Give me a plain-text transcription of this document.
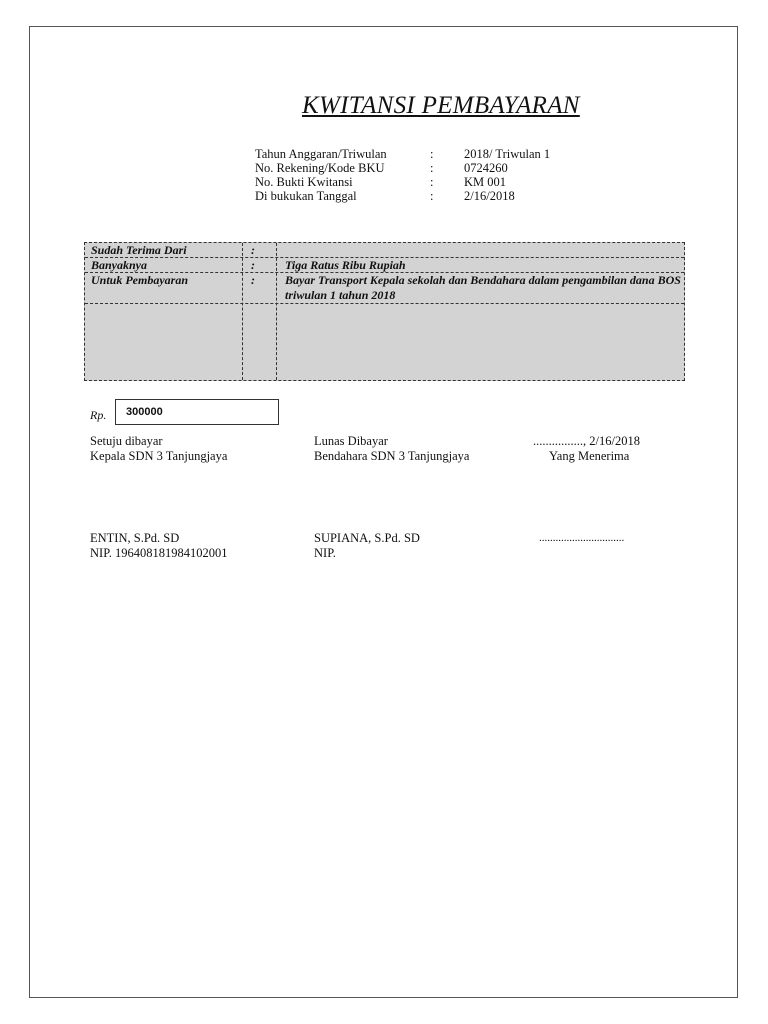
KWITANSI PEMBAYARAN
Tahun Anggaran/Triwulan	: 2018/ Triwulan 1
No. Rekening/Kode BKU	: 0724260
No. Bukti Kwitansi	: KM 001
Di bukukan Tanggal	: 2/16/2018
Sudah Terima Dari	:
Banyaknya	:	Tiga Ratus Ribu Rupiah
Untuk Pembayaran	:	Bayar Transport Kepala sekolah dan Bendahara dalam pengambilan dana BOS triwulan 1 tahun 2018
Rp.	300000
Setuju dibayar
Kepala SDN 3 Tanjungjaya
Lunas Dibayar
Bendahara SDN 3 Tanjungjaya
................, 2/16/2018
Yang Menerima
ENTIN, S.Pd. SD
NIP. 196408181984102001
SUPIANA, S.Pd. SD
NIP.
...............................
